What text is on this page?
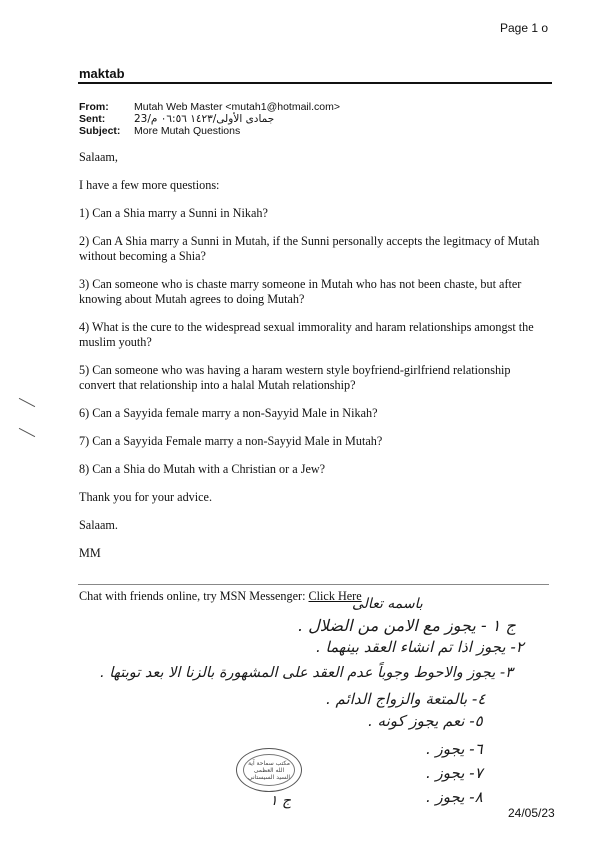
Page 1 o
maktab
From:	Mutah Web Master <mutah1@hotmail.com>
Sent:	23/جمادى الأولى/١٤٢٣ ٠٦:٥٦ م
Subject:	More Mutah Questions

Salaam,

I have a few more questions:

1) Can a Shia marry a Sunni in Nikah?

2) Can A Shia marry a Sunni in Mutah, if the Sunni personally accepts the legitmacy of Mutah without becoming a Shia?

3) Can someone who is chaste marry someone in Mutah who has not been chaste, but after knowing about Mutah agrees to doing Mutah?

4) What is the cure to the widespread sexual immorality and haram relationships amongst the muslim youth?

5) Can someone who was having a haram western style boyfriend-girlfriend relationship convert that relationship into a halal Mutah relationship?

6) Can a Sayyida female marry a non-Sayyid Male in Nikah?

7) Can a Sayyida Female marry a non-Sayyid Male in Mutah?

8) Can a Shia do Mutah with a Christian or a Jew?

Thank you for your advice.

Salaam.

MM

Chat with friends online, try MSN Messenger: Click Here
باسمه تعالى
ج ١ - يجوز مع الامن من الضلال .
٢- يجوز اذا تم انشاء العقد بينهما .
٣- يجوز والاحوط وجوباً عدم العقد على المشهورة بالزنا الا بعد توبتها .
٤- بالمتعة والزواج الدائم .
٥- نعم يجوز كونه .
٦- يجوز .
٧- يجوز .
٨- يجوز .
ج ١
مكتب سماحة آية الله العظمى السيد السيستاني
24/05/23
